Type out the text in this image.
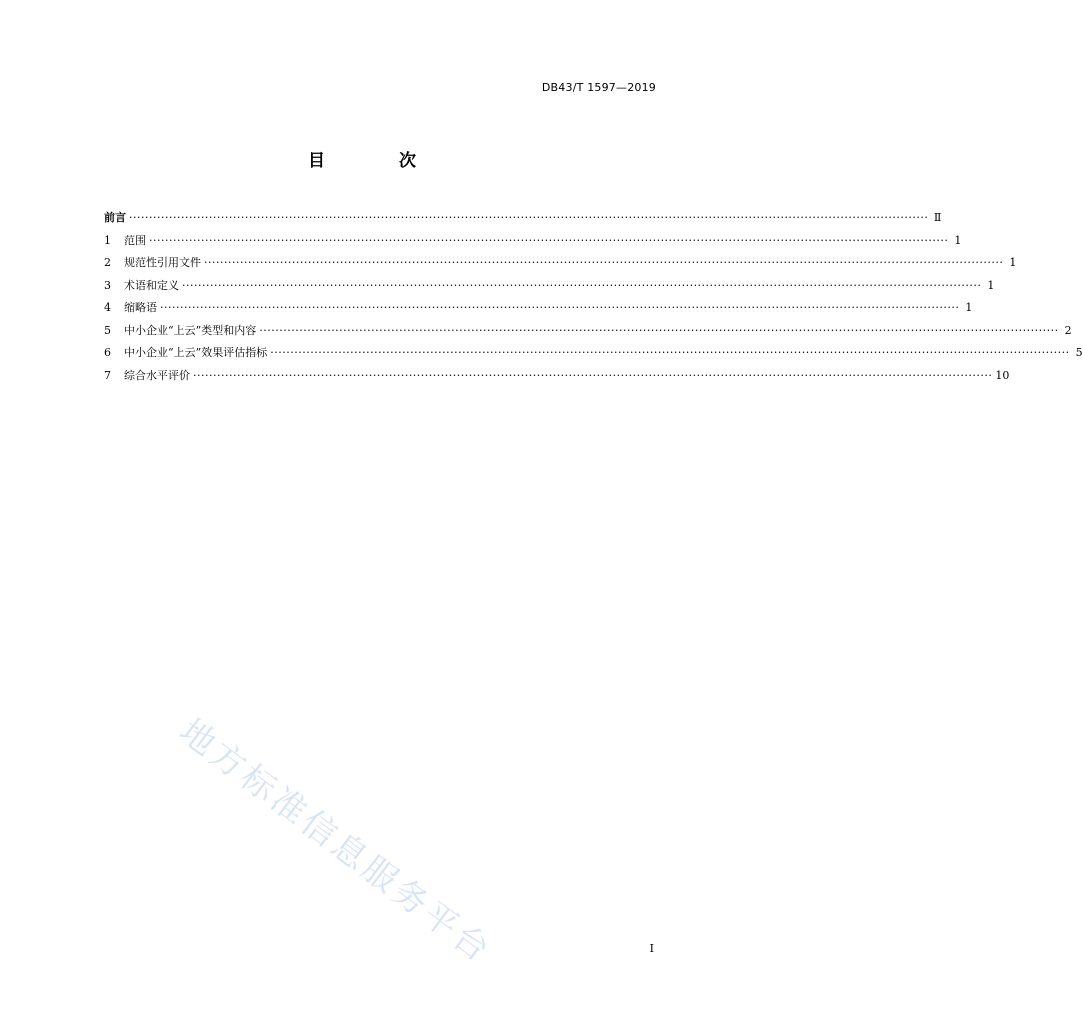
DB43/T 1597—2019
目 次
前言 ········································································································································································································ Ⅱ
1	范围 ········································································································································································································ 1
2	规范性引用文件 ········································································································································································································ 1
3	术语和定义 ········································································································································································································ 1
4	缩略语 ········································································································································································································ 1
5	中小企业“上云”类型和内容 ········································································································································································································ 2
6	中小企业“上云”效果评估指标 ········································································································································································································ 5
7	综合水平评价 ········································································································································································································ 10
地方标准信息服务平台	I
